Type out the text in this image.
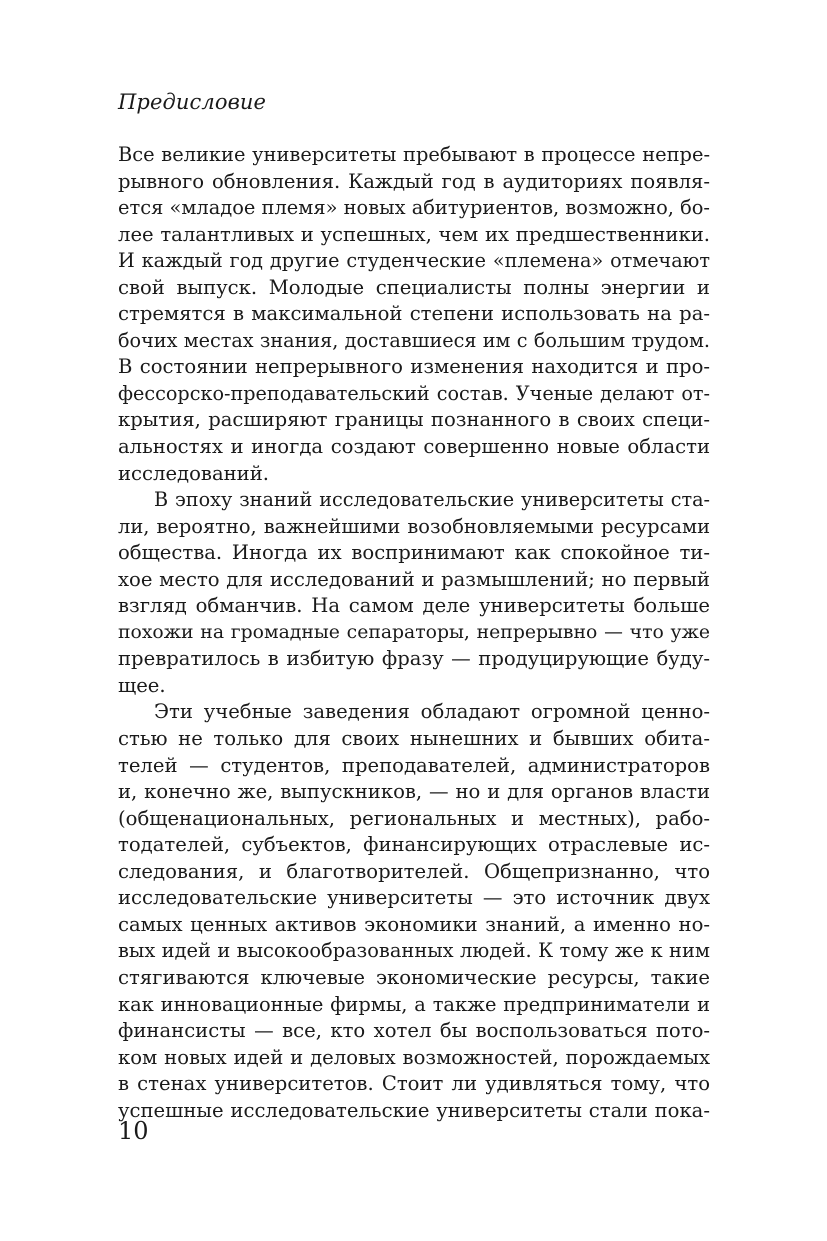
Предисловие
Все великие университеты пребывают в процессе непре-
рывного обновления. Каждый год в аудиториях появля-
ется «младое племя» новых абитуриентов, возможно, бо-
лее талантливых и успешных, чем их предшественники.
И каждый год другие студенческие «племена» отмечают
свой выпуск. Молодые специалисты полны энергии и
стремятся в максимальной степени использовать на ра-
бочих местах знания, доставшиеся им с большим трудом.
В состоянии непрерывного изменения находится и про-
фессорско-преподавательский состав. Ученые делают от-
крытия, расширяют границы познанного в своих специ-
альностях и иногда создают совершенно новые области
исследований.
В эпоху знаний исследовательские университеты ста-
ли, вероятно, важнейшими возобновляемыми ресурсами
общества. Иногда их воспринимают как спокойное ти-
хое место для исследований и размышлений; но первый
взгляд обманчив. На самом деле университеты больше
похожи на громадные сепараторы, непрерывно — что уже
превратилось в избитую фразу — продуцирующие буду-
щее.
Эти учебные заведения обладают огромной ценно-
стью не только для своих нынешних и бывших обита-
телей — студентов, преподавателей, администраторов
и, конечно же, выпускников, — но и для органов власти
(общенациональных, региональных и местных), рабо-
тодателей, субъектов, финансирующих отраслевые ис-
следования, и благотворителей. Общепризнанно, что
исследовательские университеты — это источник двух
самых ценных активов экономики знаний, а именно но-
вых идей и высокообразованных людей. К тому же к ним
стягиваются ключевые экономические ресурсы, такие
как инновационные фирмы, а также предприниматели и
финансисты — все, кто хотел бы воспользоваться пото-
ком новых идей и деловых возможностей, порождаемых
в стенах университетов. Стоит ли удивляться тому, что
успешные исследовательские университеты стали пока-
10
